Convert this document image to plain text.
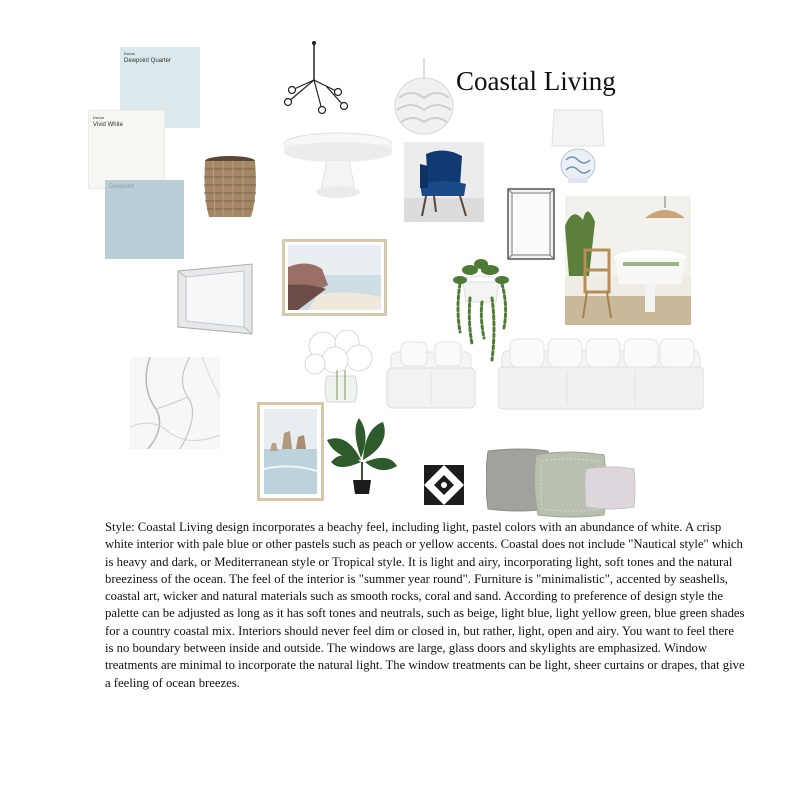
Coastal Living
Dulux
Dewpoint Quarter
Dulux
Vivid White
Dewpoint

Style: Coastal Living design incorporates a beachy feel, including light, pastel colors with an abundance of white. A crisp white interior with pale blue or other pastels such as peach or yellow accents. Coastal does not include "Nautical style" which is heavy and dark, or Mediterranean style or Tropical style. It is light and airy, incorporating light, soft tones and the natural breeziness of the ocean. The feel of the interior is "summer year round". Furniture is "minimalistic", accented by seashells, coastal art, wicker and natural materials such as smooth rocks, coral and sand. According to preference of design style the palette can be adjusted as long as it has soft tones and neutrals, such as beige, light blue, light yellow green, blue green shades for a country coastal mix. Interiors should never feel dim or closed in, but rather, light, open and airy. You want to feel there is no boundary between inside and outside. The windows are large, glass doors and skylights are emphasized. Window treatments are minimal to incorporate the natural light. The window treatments can be light, sheer curtains or drapes, that give a feeling of ocean breezes.
